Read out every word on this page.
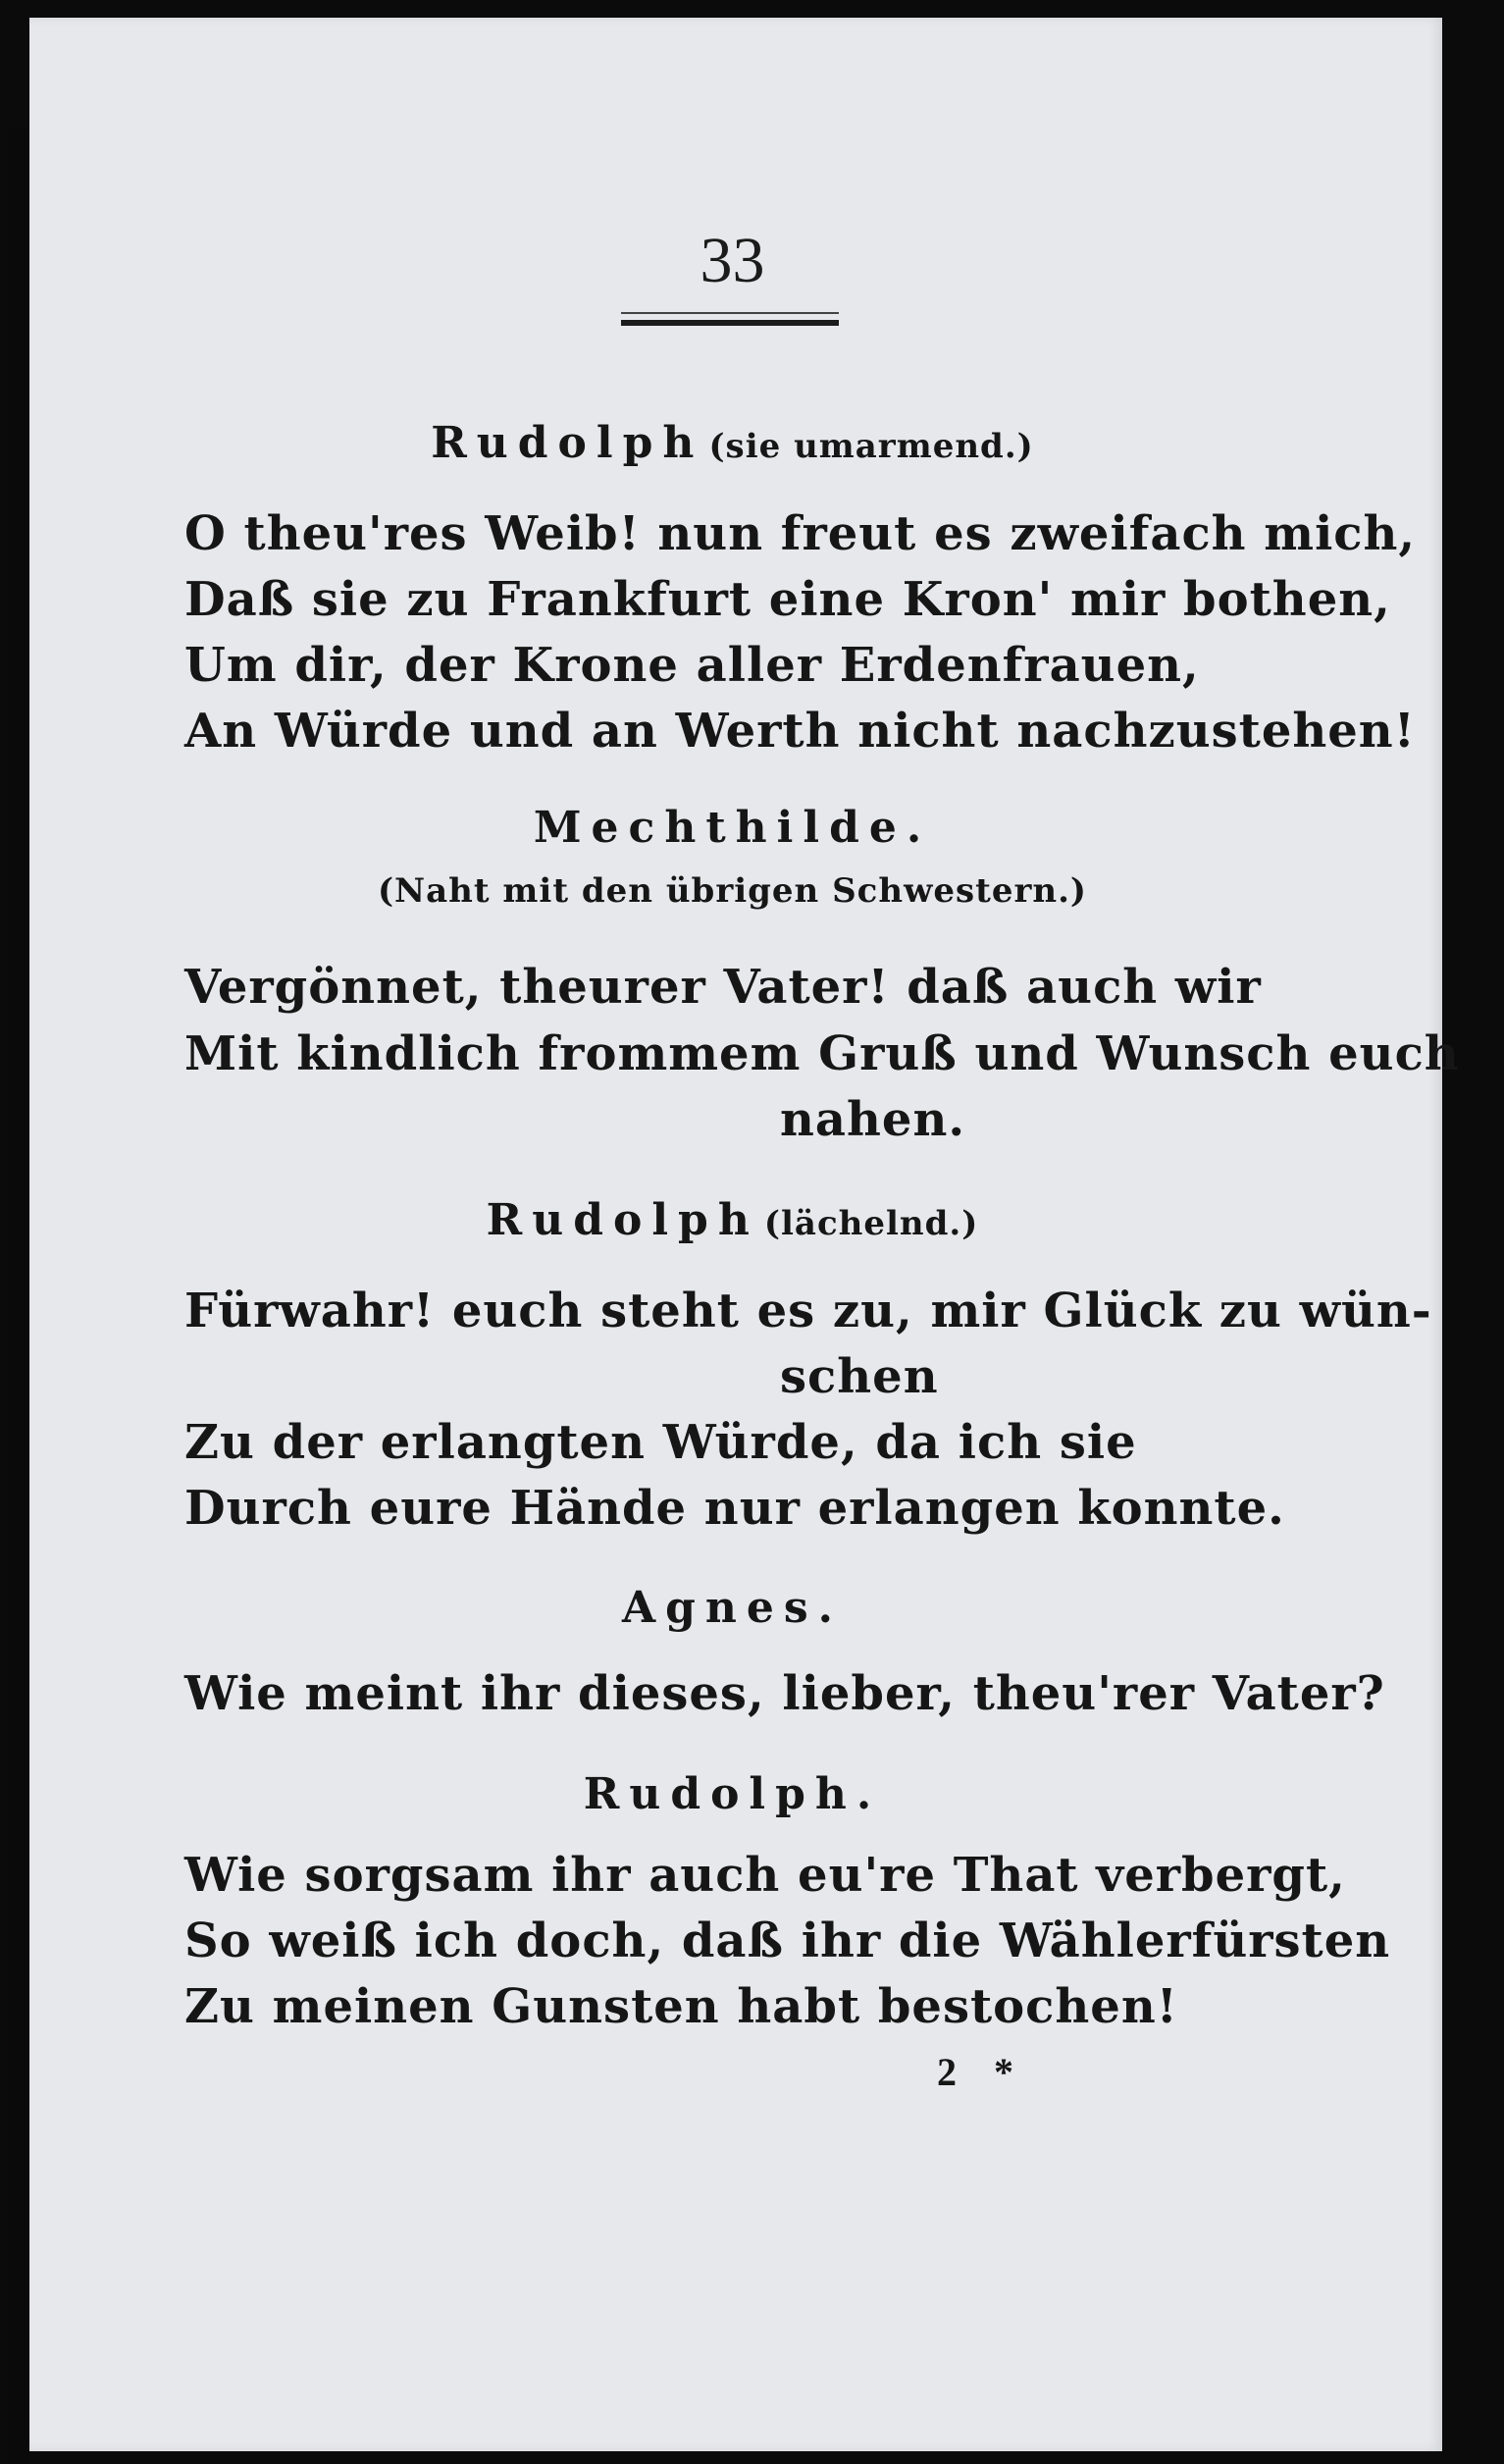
33
Rudolph (sie umarmend.)
O theu'res Weib! nun freut es zweifach mich,
Daß sie zu Frankfurt eine Kron' mir bothen,
Um dir, der Krone aller Erdenfrauen,
An Würde und an Werth nicht nachzustehen!
Mechthilde.
(Naht mit den übrigen Schwestern.)
Vergönnet, theurer Vater! daß auch wir
Mit kindlich frommem Gruß und Wunsch euch
nahen.
Rudolph (lächelnd.)
Fürwahr! euch steht es zu, mir Glück zu wün-
schen
Zu der erlangten Würde, da ich sie
Durch eure Hände nur erlangen konnte.
Agnes.
Wie meint ihr dieses, lieber, theu'rer Vater?
Rudolph.
Wie sorgsam ihr auch eu're That verbergt,
So weiß ich doch, daß ihr die Wählerfürsten
Zu meinen Gunsten habt bestochen!
2 *
